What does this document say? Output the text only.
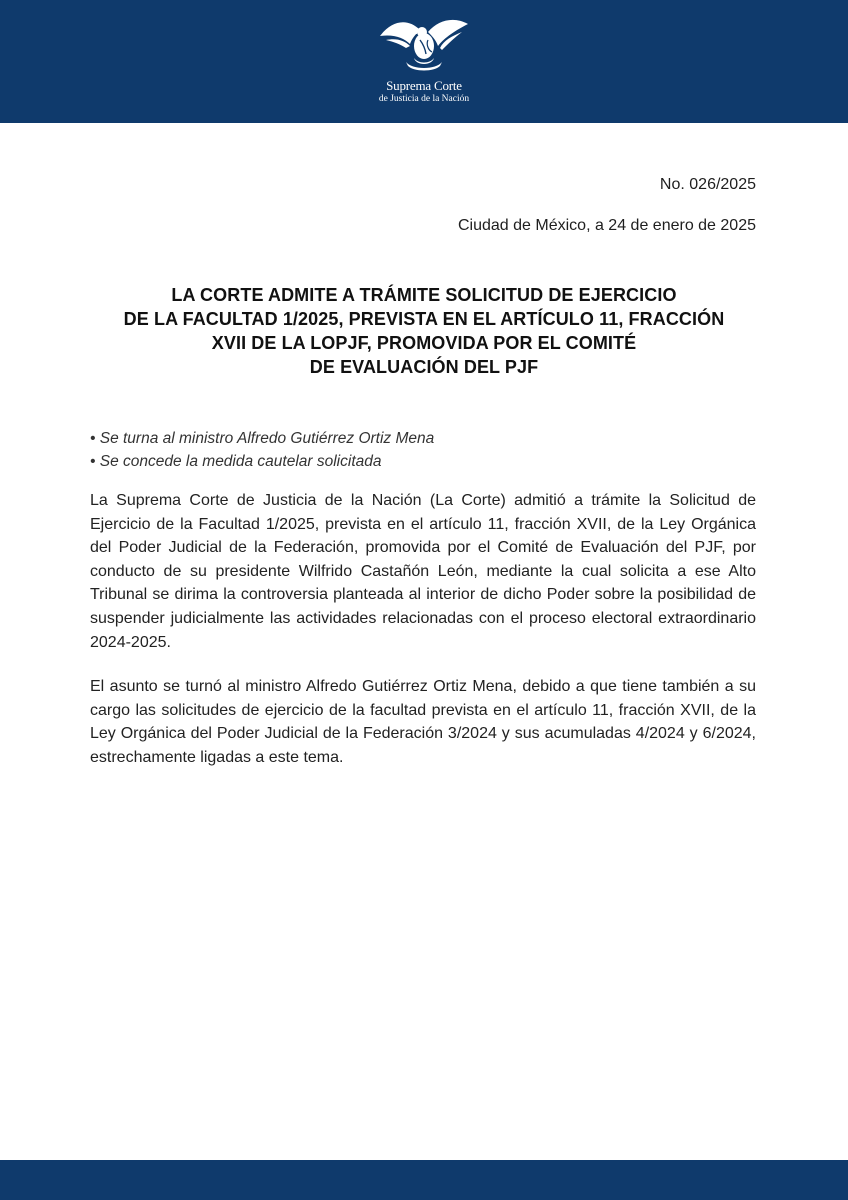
Suprema Corte
de Justicia de la Nación
No. 026/2025
Ciudad de México, a 24 de enero de 2025
LA CORTE ADMITE A TRÁMITE SOLICITUD DE EJERCICIO
DE LA FACULTAD 1/2025, PREVISTA EN EL ARTÍCULO 11, FRACCIÓN
XVII DE LA LOPJF, PROMOVIDA POR EL COMITÉ
DE EVALUACIÓN DEL PJF
• Se turna al ministro Alfredo Gutiérrez Ortiz Mena
• Se concede la medida cautelar solicitada
La Suprema Corte de Justicia de la Nación (La Corte) admitió a trámite la Solicitud de Ejercicio de la Facultad 1/2025, prevista en el artículo 11, fracción XVII, de la Ley Orgánica del Poder Judicial de la Federación, promovida por el Comité de Evaluación del PJF, por conducto de su presidente Wilfrido Castañón León, mediante la cual solicita a ese Alto Tribunal se dirima la controversia planteada al interior de dicho Poder sobre la posibilidad de suspender judicialmente las actividades relacionadas con el proceso electoral extraordinario 2024-2025.
El asunto se turnó al ministro Alfredo Gutiérrez Ortiz Mena, debido a que tiene también a su cargo las solicitudes de ejercicio de la facultad prevista en el artículo 11, fracción XVII, de la Ley Orgánica del Poder Judicial de la Federación 3/2024 y sus acumuladas 4/2024 y 6/2024, estrechamente ligadas a este tema.
